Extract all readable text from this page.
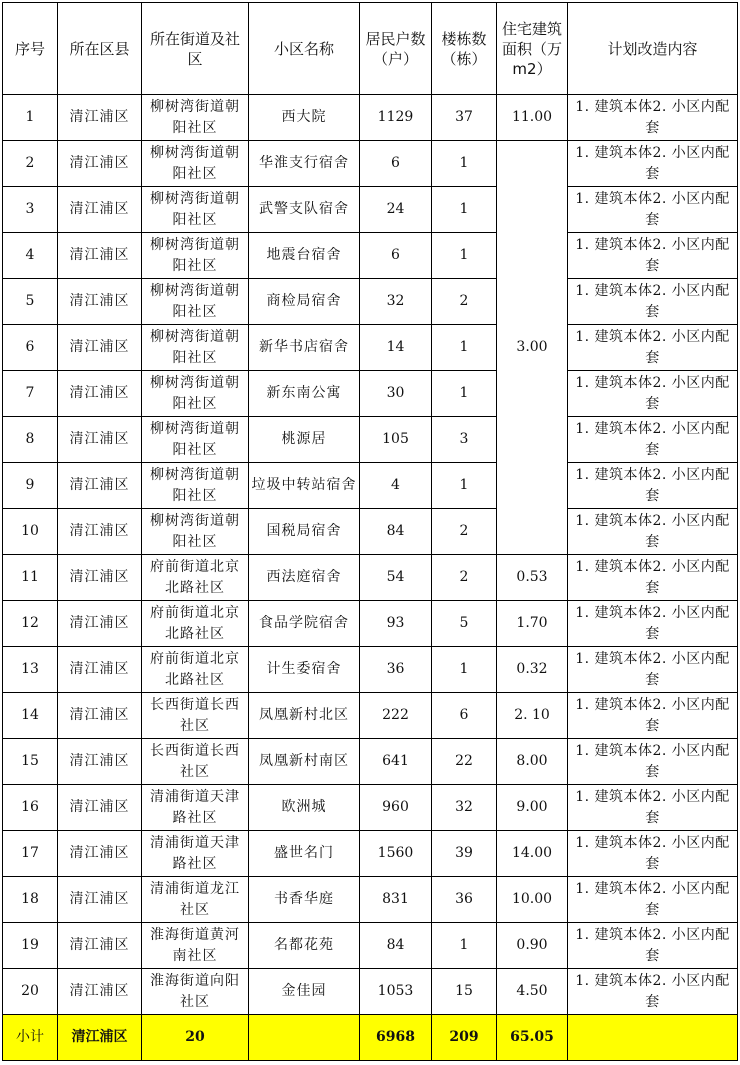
序号	所在区县	所在街道及社区	小区名称	居民户数（户）	楼栋数（栋）	住宅建筑面积（万m2）	计划改造内容
1	清江浦区	柳树湾街道朝阳社区	西大院	1129	37	11.00	1. 建筑本体2. 小区内配套
2	清江浦区	柳树湾街道朝阳社区	华淮支行宿舍	6	1	3.00	1. 建筑本体2. 小区内配套
3	清江浦区	柳树湾街道朝阳社区	武警支队宿舍	24	1		1. 建筑本体2. 小区内配套
4	清江浦区	柳树湾街道朝阳社区	地震台宿舍	6	1		1. 建筑本体2. 小区内配套
5	清江浦区	柳树湾街道朝阳社区	商检局宿舍	32	2		1. 建筑本体2. 小区内配套
6	清江浦区	柳树湾街道朝阳社区	新华书店宿舍	14	1		1. 建筑本体2. 小区内配套
7	清江浦区	柳树湾街道朝阳社区	新东南公寓	30	1		1. 建筑本体2. 小区内配套
8	清江浦区	柳树湾街道朝阳社区	桃源居	105	3		1. 建筑本体2. 小区内配套
9	清江浦区	柳树湾街道朝阳社区	垃圾中转站宿舍	4	1		1. 建筑本体2. 小区内配套
10	清江浦区	柳树湾街道朝阳社区	国税局宿舍	84	2		1. 建筑本体2. 小区内配套
11	清江浦区	府前街道北京北路社区	西法庭宿舍	54	2	0.53	1. 建筑本体2. 小区内配套
12	清江浦区	府前街道北京北路社区	食品学院宿舍	93	5	1.70	1. 建筑本体2. 小区内配套
13	清江浦区	府前街道北京北路社区	计生委宿舍	36	1	0.32	1. 建筑本体2. 小区内配套
14	清江浦区	长西街道长西社区	凤凰新村北区	222	6	2. 10	1. 建筑本体2. 小区内配套
15	清江浦区	长西街道长西社区	凤凰新村南区	641	22	8.00	1. 建筑本体2. 小区内配套
16	清江浦区	清浦街道天津路社区	欧洲城	960	32	9.00	1. 建筑本体2. 小区内配套
17	清江浦区	清浦街道天津路社区	盛世名门	1560	39	14.00	1. 建筑本体2. 小区内配套
18	清江浦区	清浦街道龙江社区	书香华庭	831	36	10.00	1. 建筑本体2. 小区内配套
19	清江浦区	淮海街道黄河南社区	名都花苑	84	1	0.90	1. 建筑本体2. 小区内配套
20	清江浦区	淮海街道向阳社区	金佳园	1053	15	4.50	1. 建筑本体2. 小区内配套
小计	清江浦区	20		6968	209	65.05	
